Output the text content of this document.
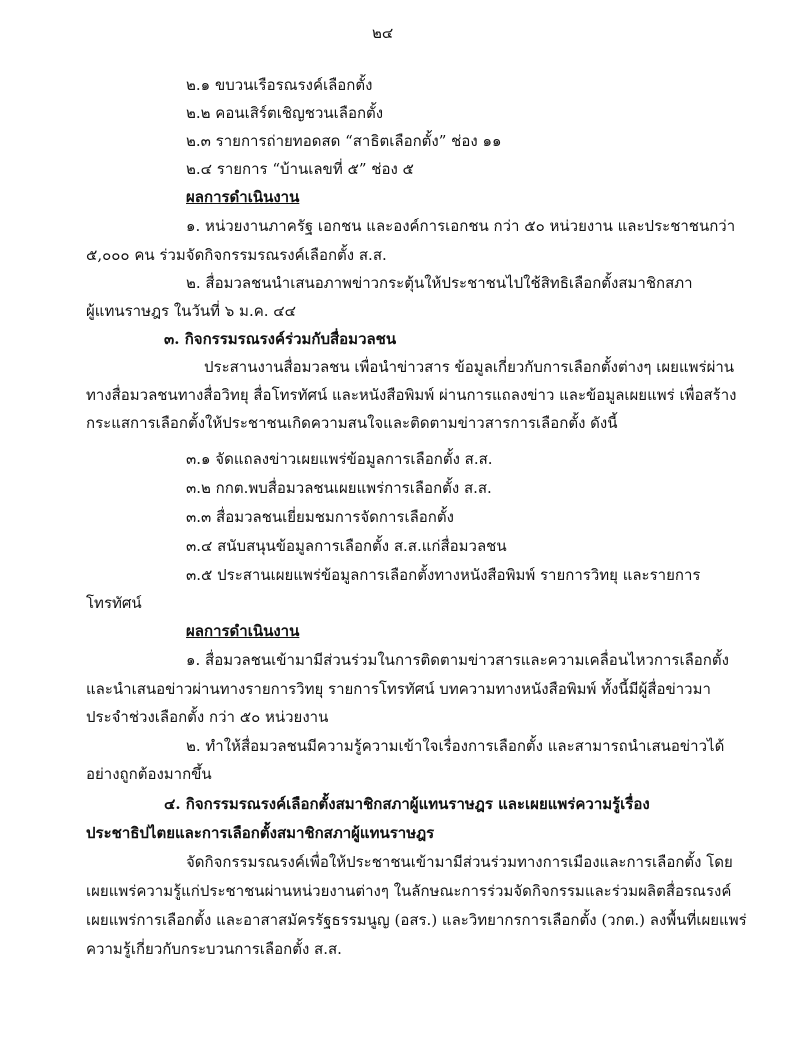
๒๔
๒.๑ ขบวนเรือรณรงค์เลือกตั้ง
๒.๒ คอนเสิร์ตเชิญชวนเลือกตั้ง
๒.๓ รายการถ่ายทอดสด “สาธิตเลือกตั้ง” ช่อง ๑๑
๒.๔ รายการ “บ้านเลขที่ ๕” ช่อง ๕
ผลการดำเนินงาน
๑. หน่วยงานภาครัฐ เอกชน และองค์การเอกชน กว่า ๕๐ หน่วยงาน และประชาชนกว่า
๕,๐๐๐ คน ร่วมจัดกิจกรรมรณรงค์เลือกตั้ง ส.ส.
๒. สื่อมวลชนนำเสนอภาพข่าวกระตุ้นให้ประชาชนไปใช้สิทธิเลือกตั้งสมาชิกสภา
ผู้แทนราษฎร ในวันที่ ๖ ม.ค. ๔๔
๓. กิจกรรมรณรงค์ร่วมกับสื่อมวลชน
ประสานงานสื่อมวลชน เพื่อนำข่าวสาร ข้อมูลเกี่ยวกับการเลือกตั้งต่างๆ เผยแพร่ผ่าน
ทางสื่อมวลชนทางสื่อวิทยุ สื่อโทรทัศน์ และหนังสือพิมพ์ ผ่านการแถลงข่าว และข้อมูลเผยแพร่ เพื่อสร้าง
กระแสการเลือกตั้งให้ประชาชนเกิดความสนใจและติดตามข่าวสารการเลือกตั้ง ดังนี้
๓.๑ จัดแถลงข่าวเผยแพร่ข้อมูลการเลือกตั้ง ส.ส.
๓.๒ กกต.พบสื่อมวลชนเผยแพร่การเลือกตั้ง ส.ส.
๓.๓ สื่อมวลชนเยี่ยมชมการจัดการเลือกตั้ง
๓.๔ สนับสนุนข้อมูลการเลือกตั้ง ส.ส.แก่สื่อมวลชน
๓.๕ ประสานเผยแพร่ข้อมูลการเลือกตั้งทางหนังสือพิมพ์ รายการวิทยุ และรายการ
โทรทัศน์
ผลการดำเนินงาน
๑. สื่อมวลชนเข้ามามีส่วนร่วมในการติดตามข่าวสารและความเคลื่อนไหวการเลือกตั้ง
และนำเสนอข่าวผ่านทางรายการวิทยุ รายการโทรทัศน์ บทความทางหนังสือพิมพ์ ทั้งนี้มีผู้สื่อข่าวมา
ประจำช่วงเลือกตั้ง กว่า ๕๐ หน่วยงาน
๒. ทำให้สื่อมวลชนมีความรู้ความเข้าใจเรื่องการเลือกตั้ง และสามารถนำเสนอข่าวได้
อย่างถูกต้องมากขึ้น
๔. กิจกรรมรณรงค์เลือกตั้งสมาชิกสภาผู้แทนราษฎร และเผยแพร่ความรู้เรื่อง
ประชาธิปไตยและการเลือกตั้งสมาชิกสภาผู้แทนราษฎร
จัดกิจกรรมรณรงค์เพื่อให้ประชาชนเข้ามามีส่วนร่วมทางการเมืองและการเลือกตั้ง โดย
เผยแพร่ความรู้แก่ประชาชนผ่านหน่วยงานต่างๆ ในลักษณะการร่วมจัดกิจกรรมและร่วมผลิตสื่อรณรงค์
เผยแพร่การเลือกตั้ง และอาสาสมัครรัฐธรรมนูญ (อสร.) และวิทยากรการเลือกตั้ง (วกต.) ลงพื้นที่เผยแพร่
ความรู้เกี่ยวกับกระบวนการเลือกตั้ง ส.ส.
